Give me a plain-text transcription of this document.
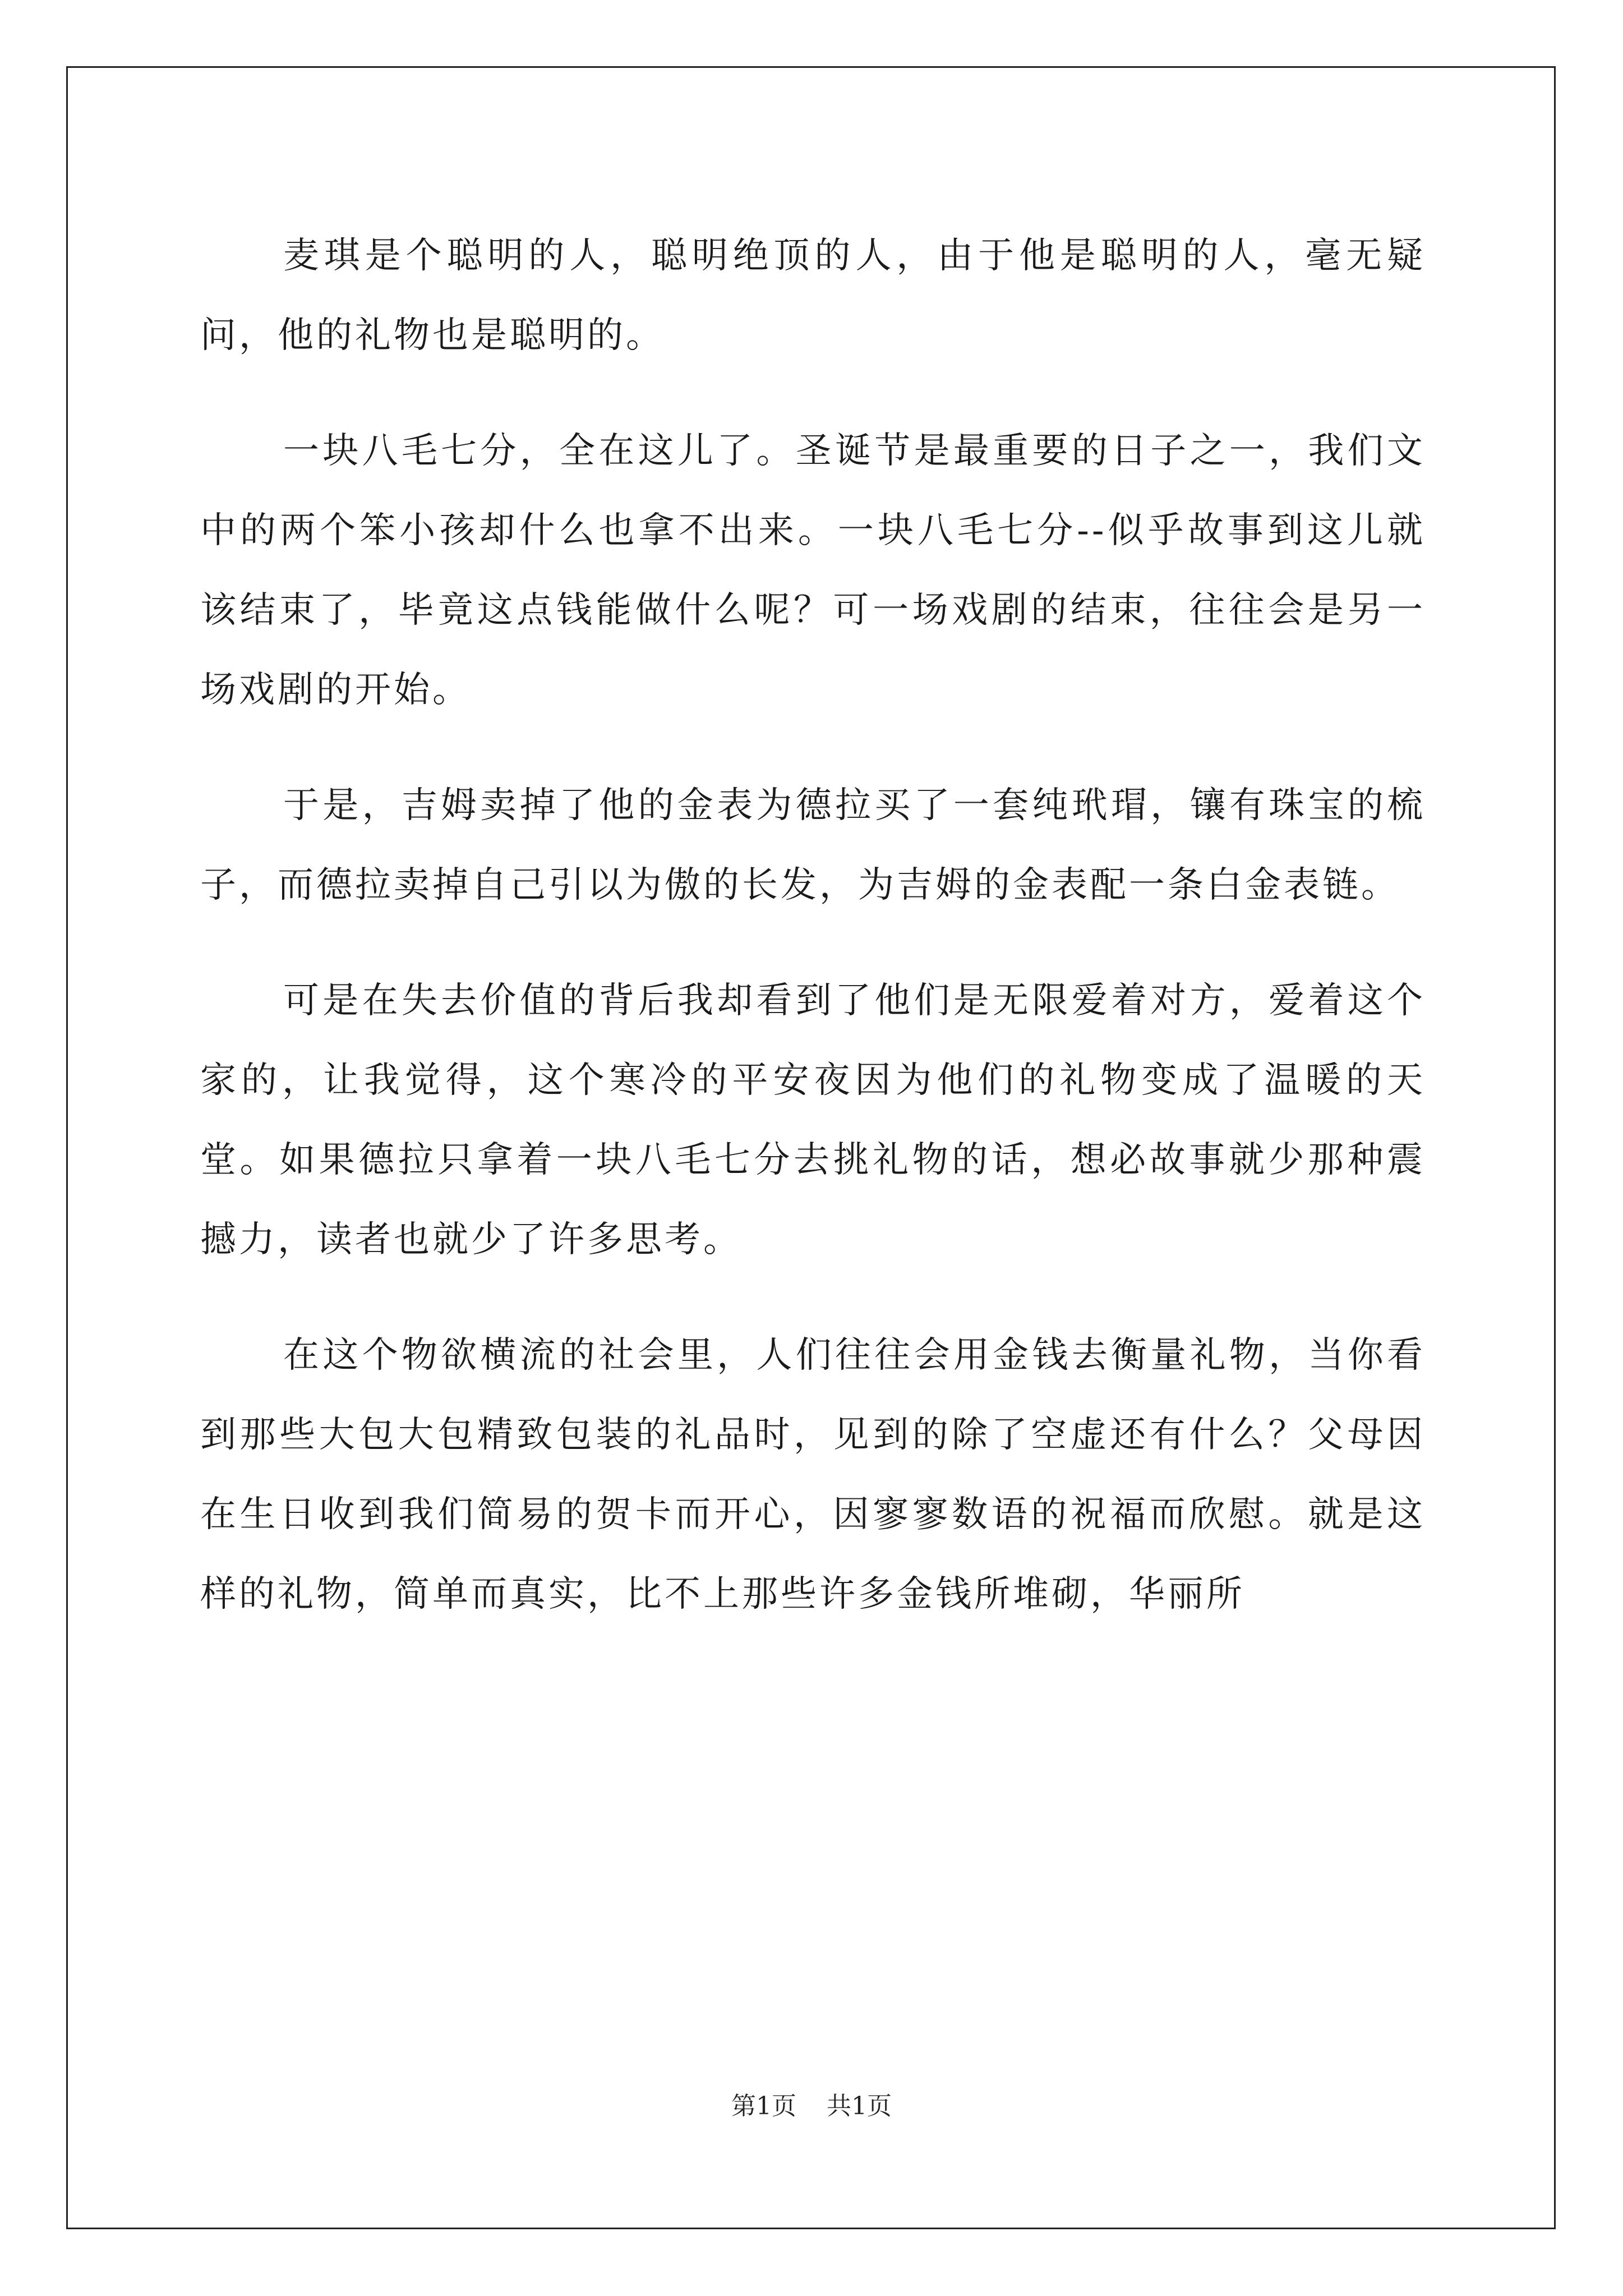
麦琪是个聪明的人，聪明绝顶的人，由于他是聪明的人，毫无疑问，他的礼物也是聪明的。

一块八毛七分，全在这儿了。圣诞节是最重要的日子之一，我们文中的两个笨小孩却什么也拿不出来。一块八毛七分--似乎故事到这儿就该结束了，毕竟这点钱能做什么呢？可一场戏剧的结束，往往会是另一场戏剧的开始。

于是，吉姆卖掉了他的金表为德拉买了一套纯玳瑁，镶有珠宝的梳子，而德拉卖掉自己引以为傲的长发，为吉姆的金表配一条白金表链。

可是在失去价值的背后我却看到了他们是无限爱着对方，爱着这个家的，让我觉得，这个寒冷的平安夜因为他们的礼物变成了温暖的天堂。如果德拉只拿着一块八毛七分去挑礼物的话，想必故事就少那种震撼力，读者也就少了许多思考。

在这个物欲横流的社会里，人们往往会用金钱去衡量礼物，当你看到那些大包大包精致包装的礼品时，见到的除了空虚还有什么？父母因在生日收到我们简易的贺卡而开心，因寥寥数语的祝福而欣慰。就是这样的礼物，简单而真实，比不上那些许多金钱所堆砌，华丽所

第1页 共1页
